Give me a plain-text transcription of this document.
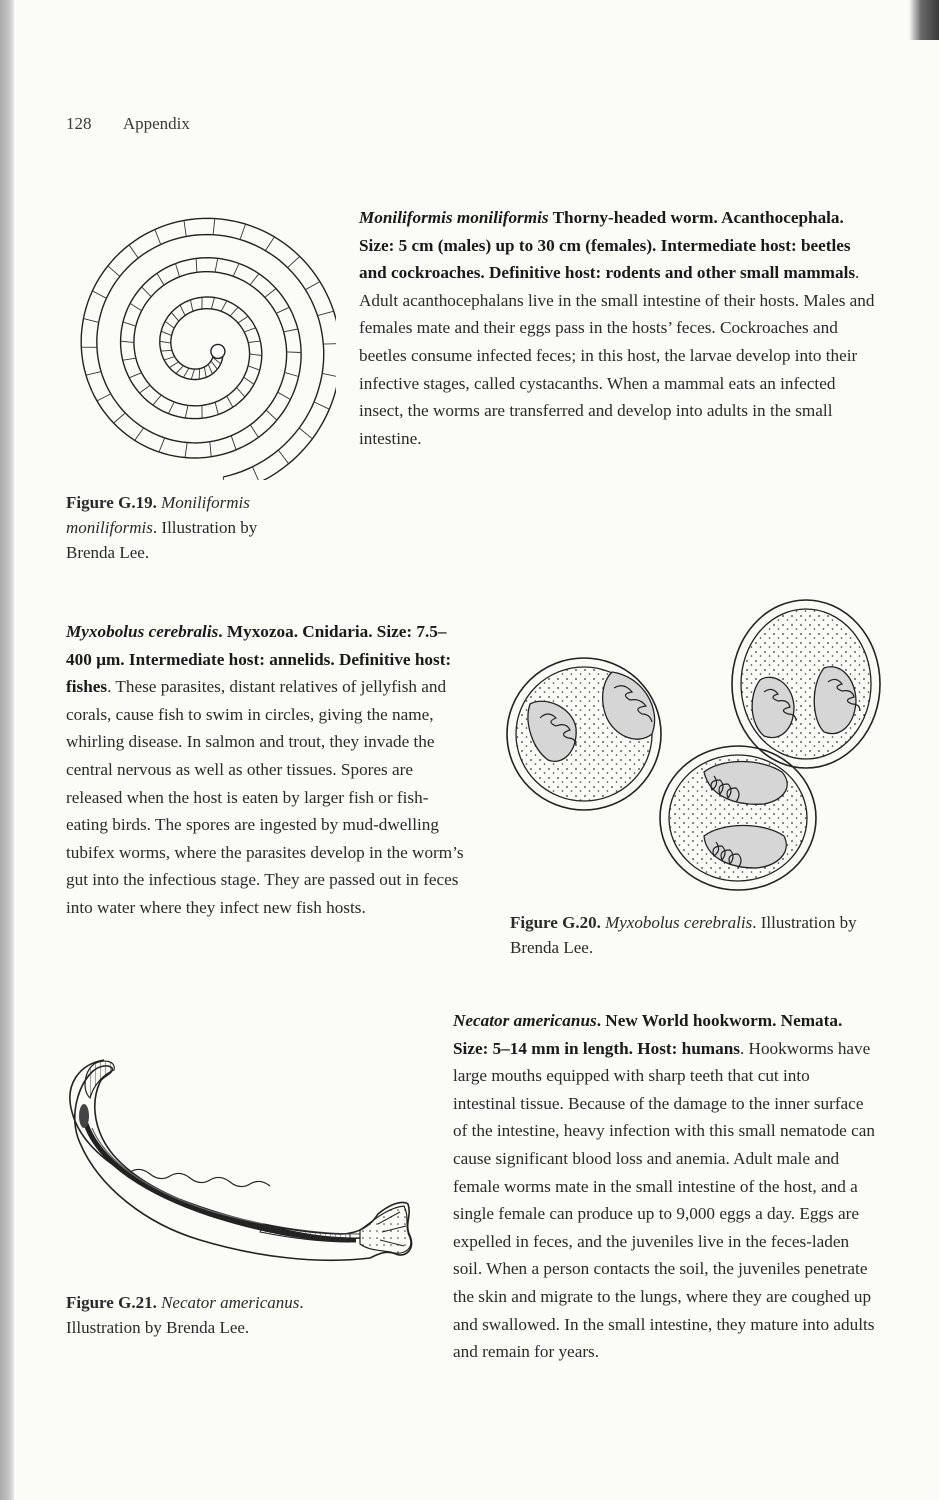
128 Appendix
Moniliformis moniliformis Thorny-headed worm. Acanthocephala. Size: 5 cm (males) up to 30 cm (females). Intermediate host: beetles and cockroaches. Definitive host: rodents and other small mammals. Adult acanthocephalans live in the small intestine of their hosts. Males and females mate and their eggs pass in the hosts’ feces. Cockroaches and beetles consume infected feces; in this host, the larvae develop into their infective stages, called cystacanths. When a mammal eats an infected insect, the worms are transferred and develop into adults in the small intestine.
Figure G.19. Moniliformis moniliformis. Illustration by Brenda Lee.
Myxobolus cerebralis. Myxozoa. Cnidaria. Size: 7.5–400 µm. Intermediate host: annelids. Definitive host: fishes. These parasites, distant relatives of jellyfish and corals, cause fish to swim in circles, giving the name, whirling disease. In salmon and trout, they invade the central nervous as well as other tissues. Spores are released when the host is eaten by larger fish or fish-eating birds. The spores are ingested by mud-dwelling tubifex worms, where the parasites develop in the worm’s gut into the infectious stage. They are passed out in feces into water where they infect new fish hosts.
Figure G.20. Myxobolus cerebralis. Illustration by Brenda Lee.
Figure G.21. Necator americanus. Illustration by Brenda Lee.
Necator americanus. New World hookworm. Nemata. Size: 5–14 mm in length. Host: humans. Hookworms have large mouths equipped with sharp teeth that cut into intestinal tissue. Because of the damage to the inner surface of the intestine, heavy infection with this small nematode can cause significant blood loss and anemia. Adult male and female worms mate in the small intestine of the host, and a single female can produce up to 9,000 eggs a day. Eggs are expelled in feces, and the juveniles live in the feces-laden soil. When a person contacts the soil, the juveniles penetrate the skin and migrate to the lungs, where they are coughed up and swallowed. In the small intestine, they mature into adults and remain for years.
